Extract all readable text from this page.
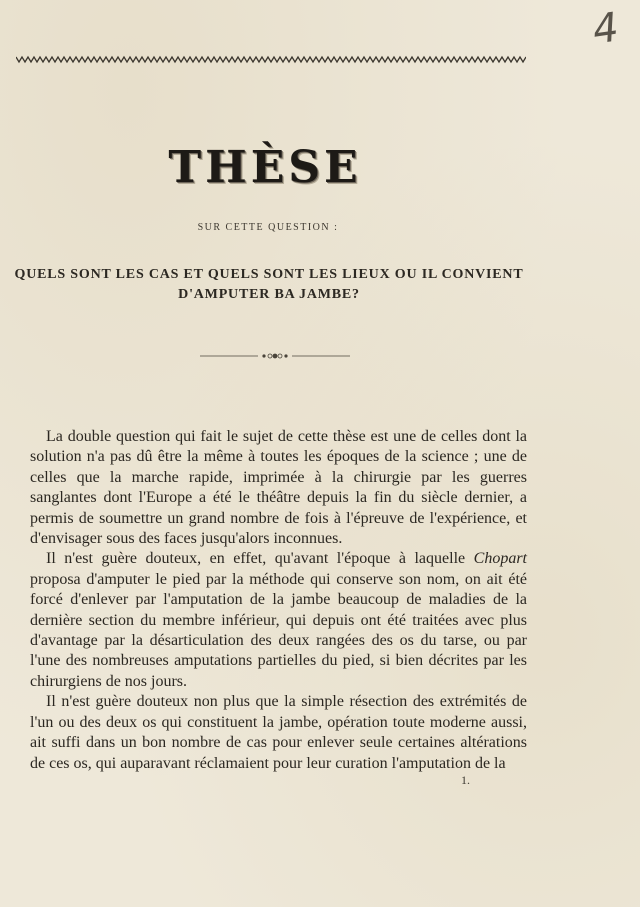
4
THÈSE
SUR CETTE QUESTION :
QUELS SONT LES CAS ET QUELS SONT LES LIEUX OU IL CONVIENT
D'AMPUTER BA JAMBE?

 La double question qui fait le sujet de cette thèse est une de celles dont la solution n'a pas dû être la même à toutes les époques de la science ; une de celles que la marche rapide, imprimée à la chirurgie par les guerres sanglantes dont l'Europe a été le théâtre depuis la fin du siècle dernier, a permis de soumettre un grand nombre de fois à l'épreuve de l'expérience, et d'envisager sous des faces jusqu'alors inconnues.

 Il n'est guère douteux, en effet, qu'avant l'époque à laquelle Chopart proposa d'amputer le pied par la méthode qui conserve son nom, on ait été forcé d'enlever par l'amputation de la jambe beaucoup de maladies de la dernière section du membre inférieur, qui depuis ont été traitées avec plus d'avantage par la désarticulation des deux rangées des os du tarse, ou par l'une des nombreuses amputations partielles du pied, si bien décrites par les chirurgiens de nos jours.

 Il n'est guère douteux non plus que la simple résection des extrémités de l'un ou des deux os qui constituent la jambe, opération toute moderne aussi, ait suffi dans un bon nombre de cas pour enlever seule certaines altérations de ces os, qui auparavant réclamaient pour leur curation l'amputation de la

1.
